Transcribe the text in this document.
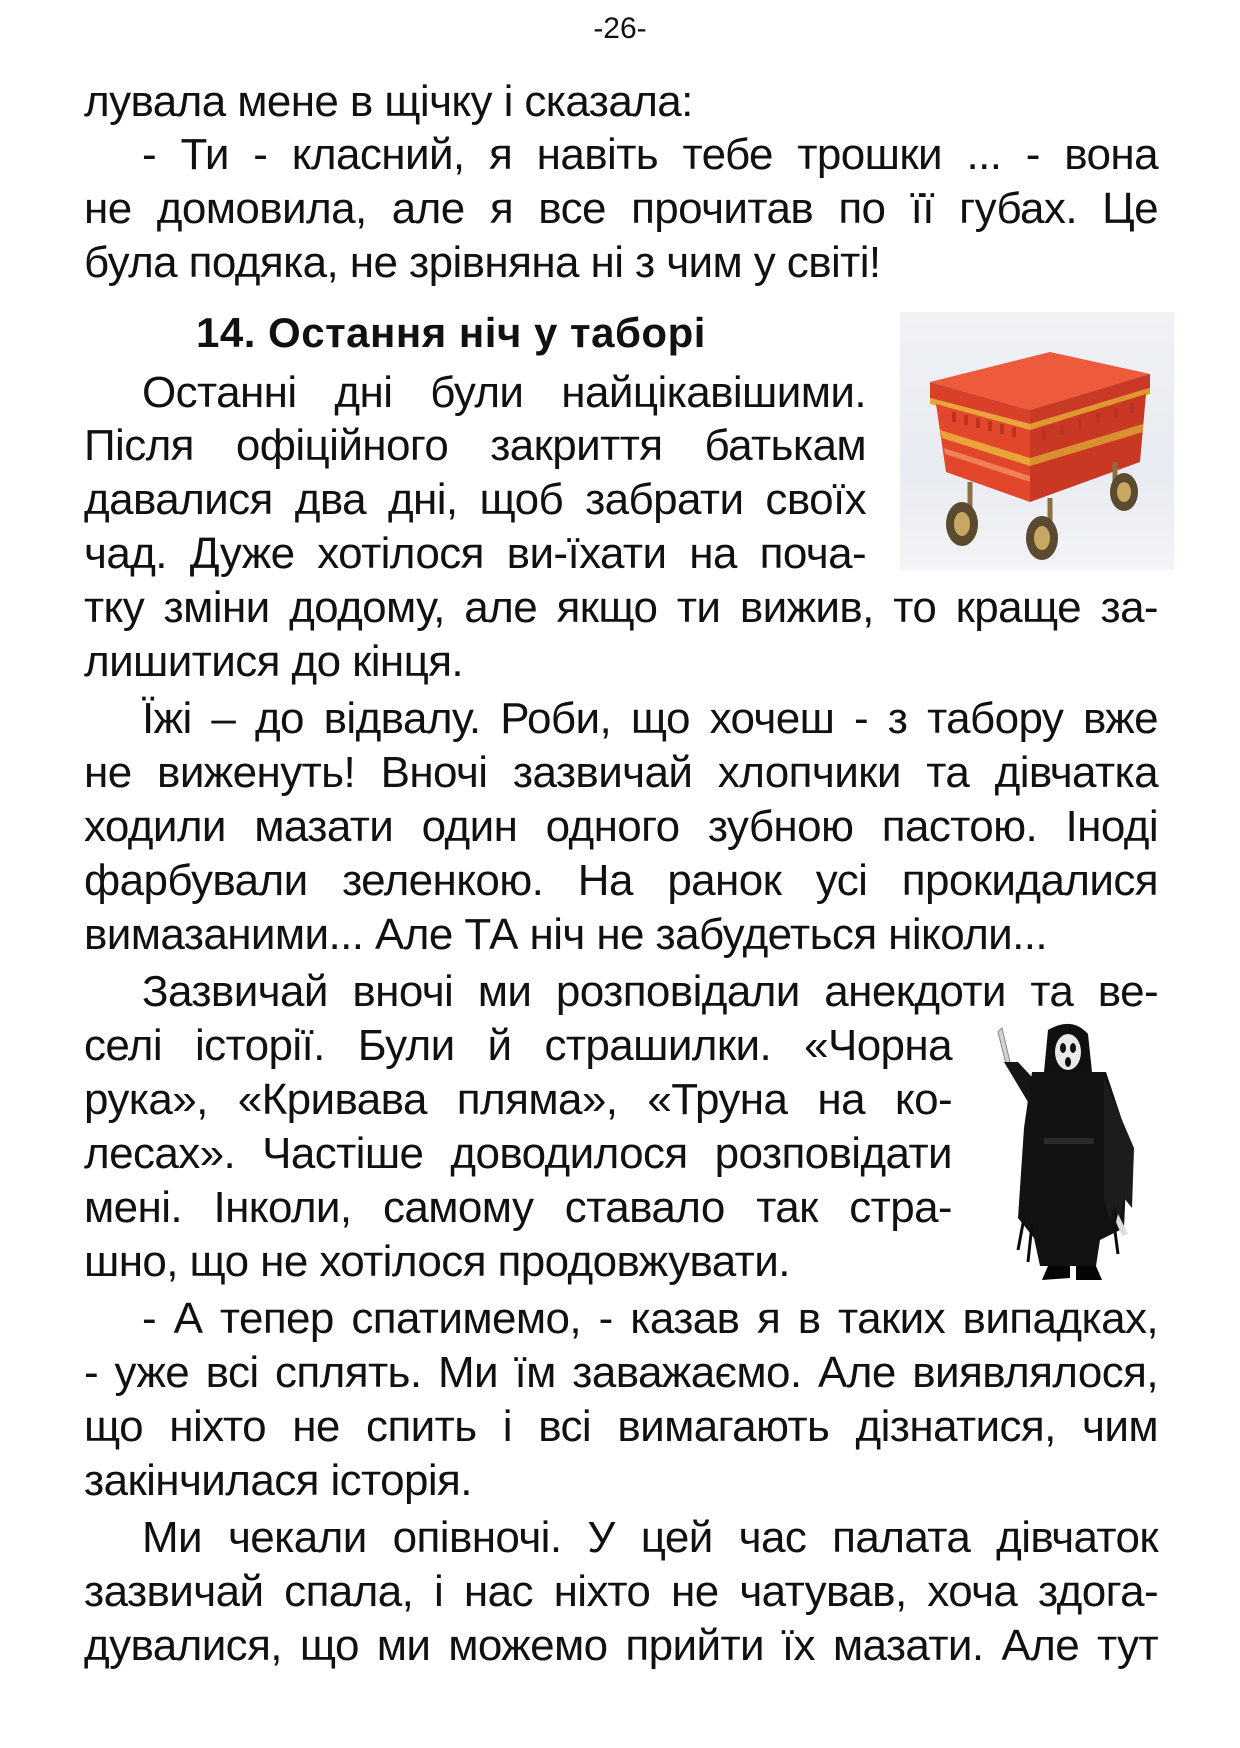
-26-
лувала мене в щічку і сказала:
- Ти - класний, я навіть тебе трошки ... - вона
не домовила, але я все прочитав по її губах. Це
була подяка, не зрівняна ні з чим у світі!
14. Остання ніч у таборі
Останні дні були найцікавішими.
Після офіційного закриття батькам
давалися два дні, щоб забрати своїх
чад. Дуже хотілося ви-їхати на поча-
тку зміни додому, але якщо ти вижив, то краще за-
лишитися до кінця.
Їжі – до відвалу. Роби, що хочеш - з табору вже
не виженуть! Вночі зазвичай хлопчики та дівчатка
ходили мазати один одного зубною пастою. Іноді
фарбували зеленкою. На ранок усі прокидалися
вимазаними... Але ТА ніч не забудеться ніколи...
Зазвичай вночі ми розповідали анекдоти та ве-
селі історії. Були й страшилки. «Чорна
рука», «Кривава пляма», «Труна на ко-
лесах». Частіше доводилося розповідати
мені. Інколи, самому ставало так стра-
шно, що не хотілося продовжувати.
- А тепер спатимемо, - казав я в таких випадках,
- уже всі сплять. Ми їм заважаємо. Але виявлялося,
що ніхто не спить і всі вимагають дізнатися, чим
закінчилася історія.
Ми чекали опівночі. У цей час палата дівчаток
зазвичай спала, і нас ніхто не чатував, хоча здога-
дувалися, що ми можемо прийти їх мазати. Але тут
